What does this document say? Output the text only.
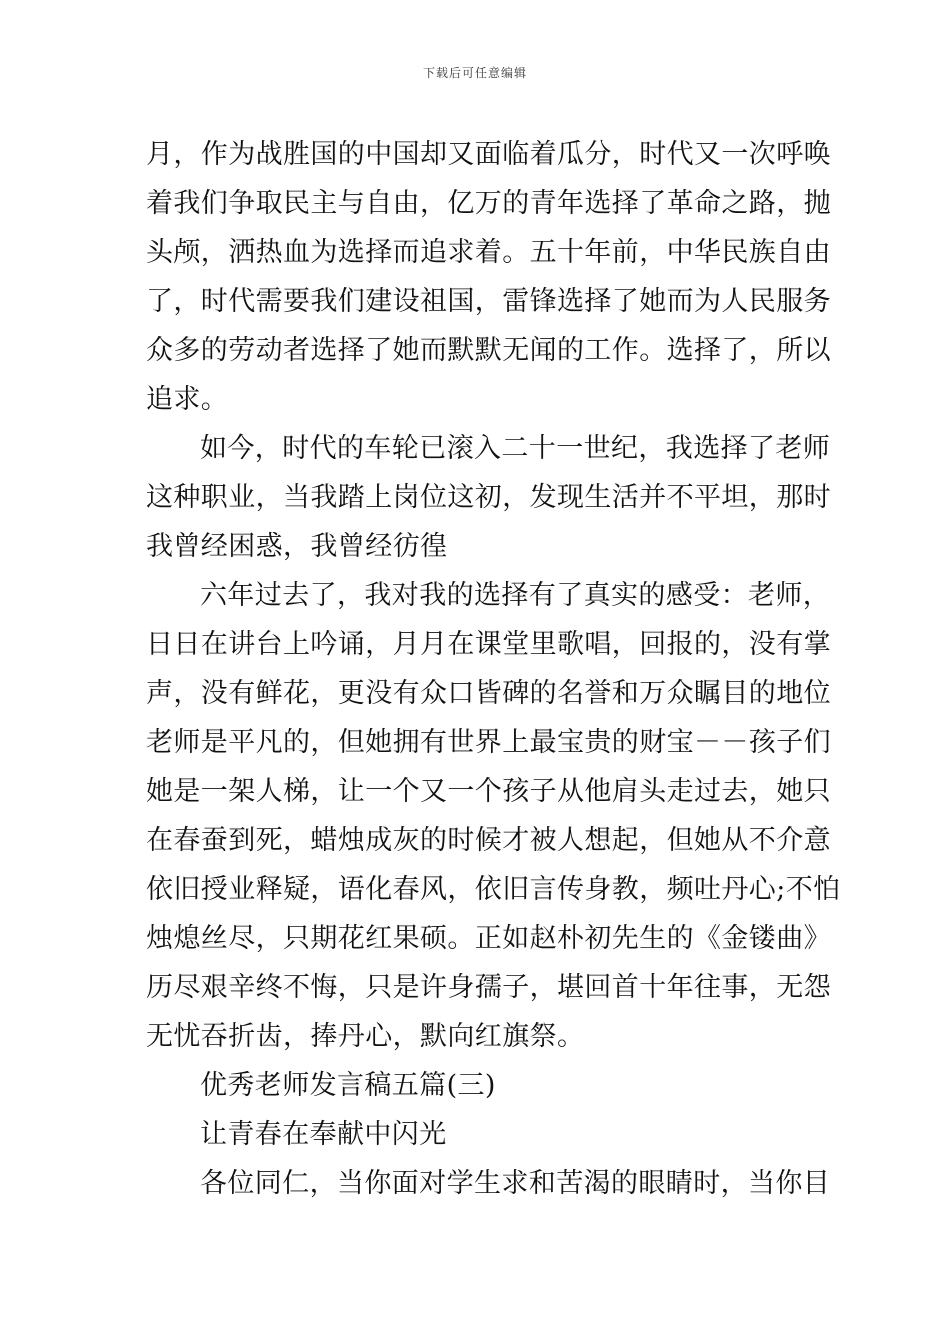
下载后可任意编辑
月，作为战胜国的中国却又面临着瓜分，时代又一次呼唤
着我们争取民主与自由，亿万的青年选择了革命之路，抛
头颅，洒热血为选择而追求着。五十年前，中华民族自由
了，时代需要我们建设祖国，雷锋选择了她而为人民服务
众多的劳动者选择了她而默默无闻的工作。选择了，所以
追求。
如今，时代的车轮已滚入二十一世纪，我选择了老师
这种职业，当我踏上岗位这初，发现生活并不平坦，那时
我曾经困惑，我曾经彷徨
六年过去了，我对我的选择有了真实的感受：老师，
日日在讲台上吟诵，月月在课堂里歌唱，回报的，没有掌
声，没有鲜花，更没有众口皆碑的名誉和万众瞩目的地位
老师是平凡的，但她拥有世界上最宝贵的财宝－－孩子们
她是一架人梯，让一个又一个孩子从他肩头走过去，她只
在春蚕到死，蜡烛成灰的时候才被人想起，但她从不介意
依旧授业释疑，语化春风，依旧言传身教，频吐丹心;不怕
烛熄丝尽，只期花红果硕。正如赵朴初先生的《金镂曲》
历尽艰辛终不悔，只是许身孺子，堪回首十年往事，无怨
无忧吞折齿，捧丹心，默向红旗祭。
优秀老师发言稿五篇(三)
让青春在奉献中闪光
各位同仁，当你面对学生求和苦渴的眼睛时，当你目
